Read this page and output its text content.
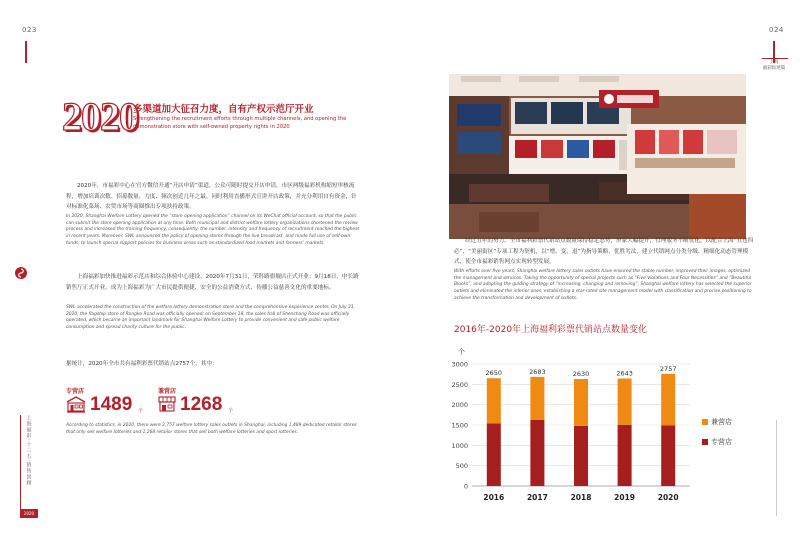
023	024
上海
福彩综述篇
上海福彩·十三五·销售回顾
2020
2020
多渠道加大征召力度，自有产权示范厅开业
Strengthening the recruitment efforts through multiple channels, and opening the demonstration store with self-owned property rights in 2020
2020年，市福彩中心在官方微信开通“开店申请”渠道，公众可随时提交开店申请，市区两级福彩机构缩短审核流程，增加培训次数、招募数量、力度、频次创近几年之最。同时利用直播形式宣讲开店政策，并充分利用自有资金，针对标准化菜场、农贸市场等商圈推出专项扶持政策。
In 2020, Shanghai Welfare Lottery opened the “store opening application” channel on its WeChat official account, so that the public can submit the store opening application at any time. Both municipal and district welfare lottery organizations shortened the review process and increased the training frequency, consequently, the number, intensity and frequency of recruitment reached the highest in recent years. Moreover, SWL announced the policy of opening stores through the live broadcast, and made full use of self-own funds, to launch special support policies for business areas such as standardized food markets and farmers’ markets.
上海福彩加快推进福彩示范店和综合体验中心建设。2020年7月31日，荣科路旗舰店正式开业；9月18日，申长路销售厅正式开业，成为上海福彩为广大市民提供便捷、安全的公益消费方式、传播公益慈善文化的重要地标。
SWL accelerated the construction of the welfare lottery demonstration store and the comprehensive experience center. On July 31, 2020, the flagship store of Rongke Road was officially opened; on September 18, the sales hall of Shenchang Road was officially operated, which became an important landmark for Shanghai Welfare Lottery to provide convenient and safe public welfare consumption and spread charity culture for the public.
据统计，2020年全市共有福利彩票代销站点2757个，其中：
专营店
1489 个
兼营店
1268 个
According to statistics, in 2020, there were 2,757 welfare lottery sales outlets in Shanghai, including 1,489 dedicated retailor stores that only sell welfare lotteries and 1,268 retailor stores that sell both welfare lotteries and sport lotteries.
经过五年的努力，全市福利彩票代销站点数量保持稳定态势，形象大幅提升，管理服务不断优化，以配合上海“五违四必”、“美丽街区”专项工程为契机，以“增、变、退”为指导策略，优胜劣汰，建立代销网点分类分级、精细化动态管理模式，使全市福彩销售网点实现转型发展。
With efforts over five years, Shanghai welfare lottery sales outlets have ensured the stable number, improved their images, optimized the management and services. Taking the opportunity of special projects such as “Five Violations and Four Necessities” and “Beautiful Blocks”, and adopting the guiding strategy of “increasing, changing and removing”, Shanghai welfare lottery has selected the superior outlets and eliminated the inferior ones, establishing a star-rated site management model with classification and precise positioning to achieve the transformation and development of outlets.
2016年-2020年上海福利彩票代销站点数量变化
个
0
500
1000
1500
2000
2500
3000
2650
2016
2683
2017
2630
2018
2643
2019
2757
2020
兼营店
专营店
